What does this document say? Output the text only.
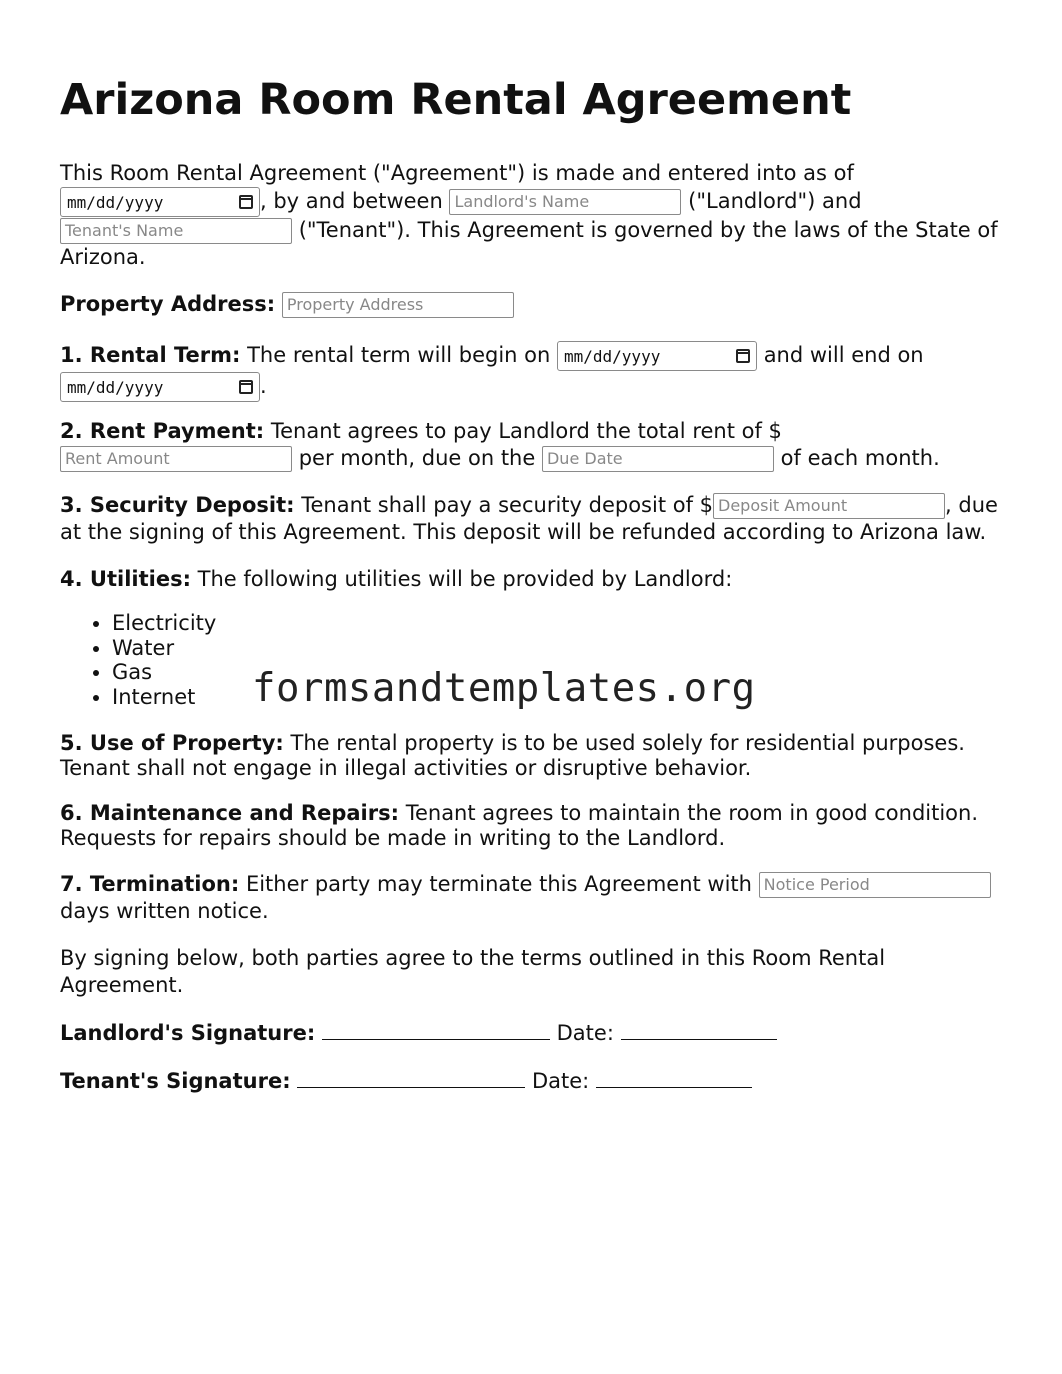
Arizona Room Rental Agreement

This Room Rental Agreement ("Agreement") is made and entered into as of

mm/dd/yyyy	, by and between Landlord's Name	("Landlord") and
Tenant's Name	("Tenant"). This Agreement is governed by the laws of the State of Arizona.

Property Address: Property Address

1. Rental Term: The rental term will begin on mm/dd/yyyy	and will end on

mm/dd/yyyy	.

2. Rent Payment: Tenant agrees to pay Landlord the total rent of $
Rent Amount	per month, due on the Due Date	of each month.

3. Security Deposit: Tenant shall pay a security deposit of $ Deposit Amount	, due at the signing of this Agreement. This deposit will be refunded according to Arizona law.

4. Utilities: The following utilities will be provided by Landlord:

• Electricity
• Water
• Gas
• Internet

5. Use of Property: The rental property is to be used solely for residential purposes. Tenant shall not engage in illegal activities or disruptive behavior.

6. Maintenance and Repairs: Tenant agrees to maintain the room in good condition. Requests for repairs should be made in writing to the Landlord.

7. Termination: Either party may terminate this Agreement with Notice Period
days written notice.

By signing below, both parties agree to the terms outlined in this Room Rental Agreement.

Landlord's Signature:	Date:

Tenant's Signature:	Date:

formsandtemplates.org
